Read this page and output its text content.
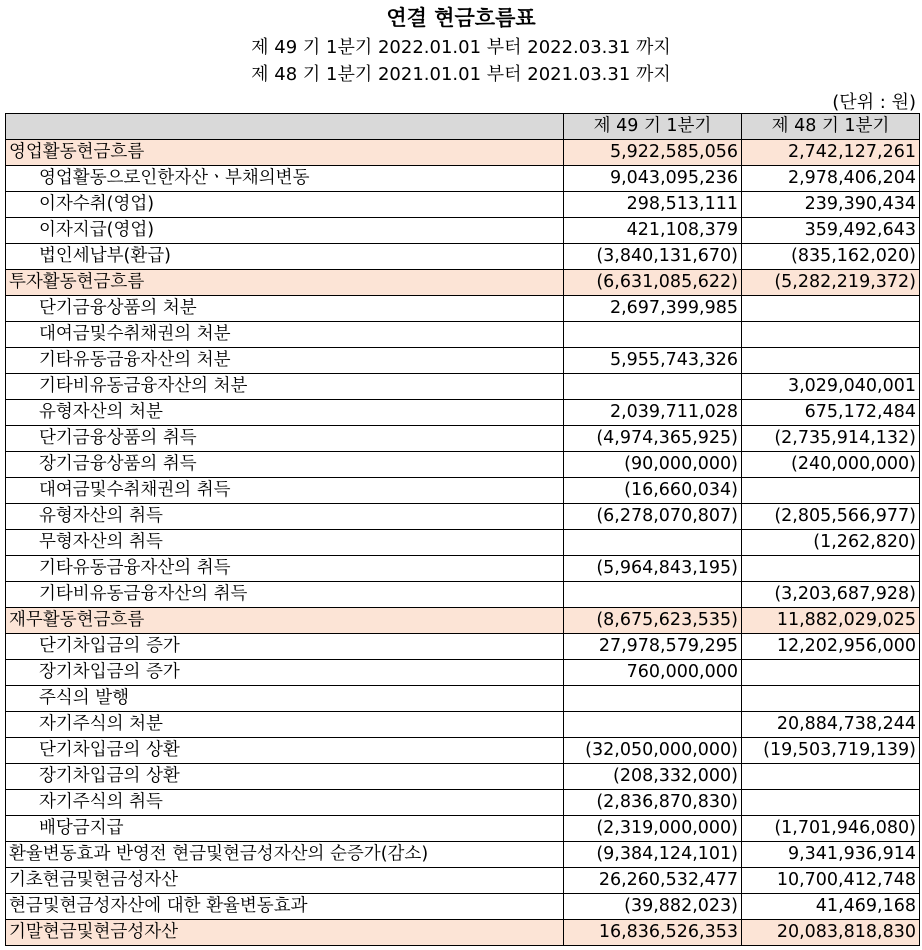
연결 현금흐름표
제 49 기 1분기 2022.01.01 부터 2022.03.31 까지
제 48 기 1분기 2021.01.01 부터 2021.03.31 까지
(단위 : 원)
	제 49 기 1분기	제 48 기 1분기
영업활동현금흐름	5,922,585,056	2,742,127,261
영업활동으로인한자산ㆍ부채의변동	9,043,095,236	2,978,406,204
이자수취(영업)	298,513,111	239,390,434
이자지급(영업)	421,108,379	359,492,643
법인세납부(환급)	(3,840,131,670)	(835,162,020)
투자활동현금흐름	(6,631,085,622)	(5,282,219,372)
단기금융상품의 처분	2,697,399,985	
대여금및수취채권의 처분		
기타유동금융자산의 처분	5,955,743,326	
기타비유동금융자산의 처분		3,029,040,001
유형자산의 처분	2,039,711,028	675,172,484
단기금융상품의 취득	(4,974,365,925)	(2,735,914,132)
장기금융상품의 취득	(90,000,000)	(240,000,000)
대여금및수취채권의 취득	(16,660,034)	
유형자산의 취득	(6,278,070,807)	(2,805,566,977)
무형자산의 취득		(1,262,820)
기타유동금융자산의 취득	(5,964,843,195)	
기타비유동금융자산의 취득		(3,203,687,928)
재무활동현금흐름	(8,675,623,535)	11,882,029,025
단기차입금의 증가	27,978,579,295	12,202,956,000
장기차입금의 증가	760,000,000	
주식의 발행		
자기주식의 처분		20,884,738,244
단기차입금의 상환	(32,050,000,000)	(19,503,719,139)
장기차입금의 상환	(208,332,000)	
자기주식의 취득	(2,836,870,830)	
배당금지급	(2,319,000,000)	(1,701,946,080)
환율변동효과 반영전 현금및현금성자산의 순증가(감소)	(9,384,124,101)	9,341,936,914
기초현금및현금성자산	26,260,532,477	10,700,412,748
현금및현금성자산에 대한 환율변동효과	(39,882,023)	41,469,168
기말현금및현금성자산	16,836,526,353	20,083,818,830
